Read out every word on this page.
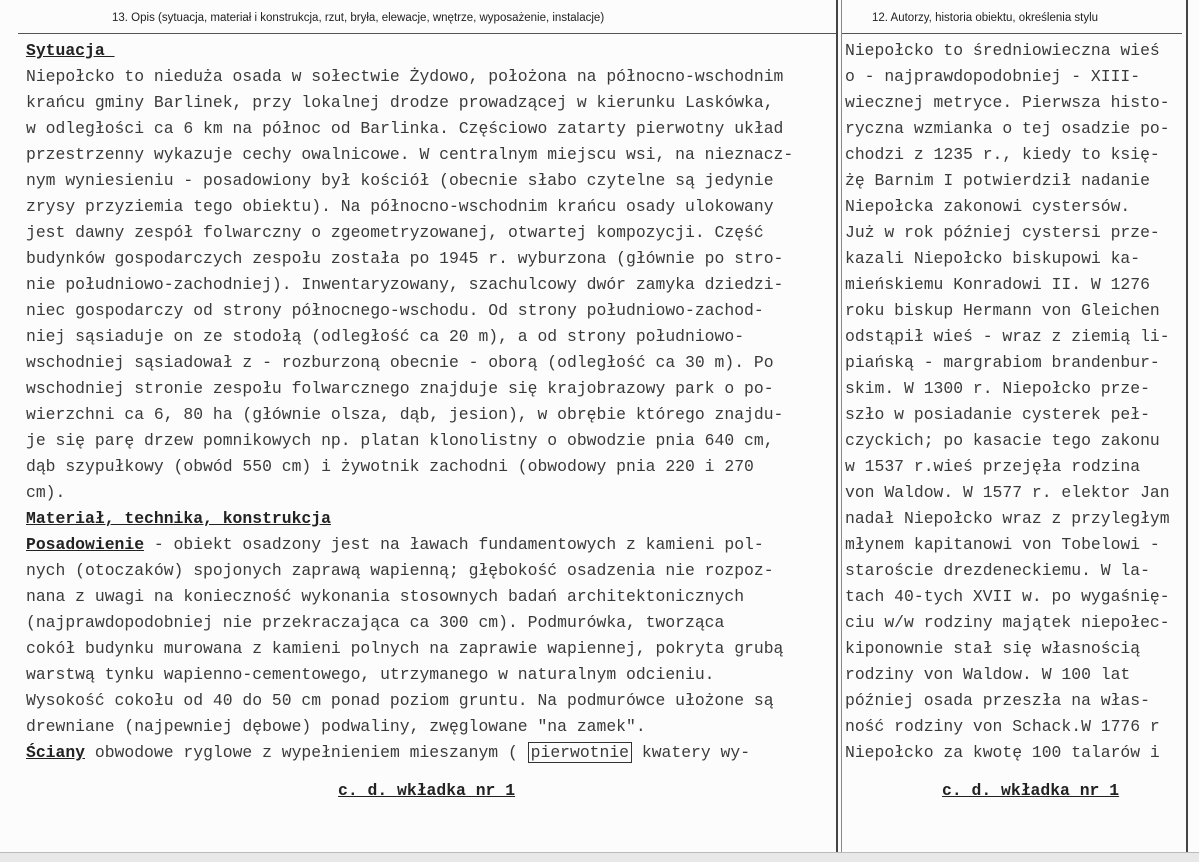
13. Opis (sytuacja, materiał i konstrukcja, rzut, bryła, elewacje, wnętrze, wyposażenie, instalacje)	12. Autorzy, historia obiektu, określenia stylu
Sytuacja
Niepołcko to nieduża osada w sołectwie Żydowo, położona na północno-wschodnim
krańcu gminy Barlinek, przy lokalnej drodze prowadzącej w kierunku Laskówka,
w odległości ca 6 km na północ od Barlinka. Częściowo zatarty pierwotny układ
przestrzenny wykazuje cechy owalnicowe. W centralnym miejscu wsi, na nieznacz-
nym wyniesieniu - posadowiony był kościół (obecnie słabo czytelne są jedynie
zrysy przyziemia tego obiektu). Na północno-wschodnim krańcu osady ulokowany
jest dawny zespół folwarczny o zgeometryzowanej, otwartej kompozycji. Część
budynków gospodarczych zespołu została po 1945 r. wyburzona (głównie po stro-
nie południowo-zachodniej). Inwentaryzowany, szachulcowy dwór zamyka dziedzi-
niec gospodarczy od strony północnego-wschodu. Od strony południowo-zachod-
niej sąsiaduje on ze stodołą (odległość ca 20 m), a od strony południowo-
wschodniej sąsiadował z - rozburzoną obecnie - oborą (odległość ca 30 m). Po
wschodniej stronie zespołu folwarcznego znajduje się krajobrazowy park o po-
wierzchni ca 6, 80 ha (głównie olsza, dąb, jesion), w obrębie którego znajdu-
je się parę drzew pomnikowych np. platan klonolistny o obwodzie pnia 640 cm,
dąb szypułkowy (obwód 550 cm) i żywotnik zachodni (obwodowy pnia 220 i 270
cm).
Materiał, technika, konstrukcja
Posadowienie - obiekt osadzony jest na ławach fundamentowych z kamieni pol-
nych (otoczaków) spojonych zaprawą wapienną; głębokość osadzenia nie rozpoz-
nana z uwagi na konieczność wykonania stosownych badań architektonicznych
(najprawdopodobniej nie przekraczająca ca 300 cm). Podmurówka, tworząca
cokół budynku murowana z kamieni polnych na zaprawie wapiennej, pokryta grubą
warstwą tynku wapienno-cementowego, utrzymanego w naturalnym odcieniu.
Wysokość cokołu od 40 do 50 cm ponad poziom gruntu. Na podmurówce ułożone są
drewniane (najpewniej dębowe) podwaliny, zwęglowane "na zamek".
Ściany obwodowe ryglowe z wypełnieniem mieszanym ( pierwotnie kwatery wy-
Niepołcko to średniowieczna wieś
o - najprawdopodobniej - XIII-
wiecznej metryce. Pierwsza histo-
ryczna wzmianka o tej osadzie po-
chodzi z 1235 r., kiedy to księ-
żę Barnim I potwierdził nadanie
Niepołcka zakonowi cystersów.
Już w rok później cystersi prze-
kazali Niepołcko biskupowi ka-
mieńskiemu Konradowi II. W 1276
roku biskup Hermann von Gleichen
odstąpił wieś - wraz z ziemią li-
piańską - margrabiom brandenbur-
skim. W 1300 r. Niepołcko prze-
szło w posiadanie cysterek peł-
czyckich; po kasacie tego zakonu
w 1537 r.wieś przejęła rodzina
von Waldow. W 1577 r. elektor Jan
nadał Niepołcko wraz z przyległym
młynem kapitanowi von Tobelowi -
staroście drezdeneckiemu. W la-
tach 40-tych XVII w. po wygaśnię-
ciu w/w rodziny majątek niepołec-
kiponownie stał się własnością
rodziny von Waldow. W 100 lat
później osada przeszła na włas-
ność rodziny von Schack.W 1776 r
Niepołcko za kwotę 100 talarów i
c. d. wkładka nr 1	c. d. wkładka nr 1
